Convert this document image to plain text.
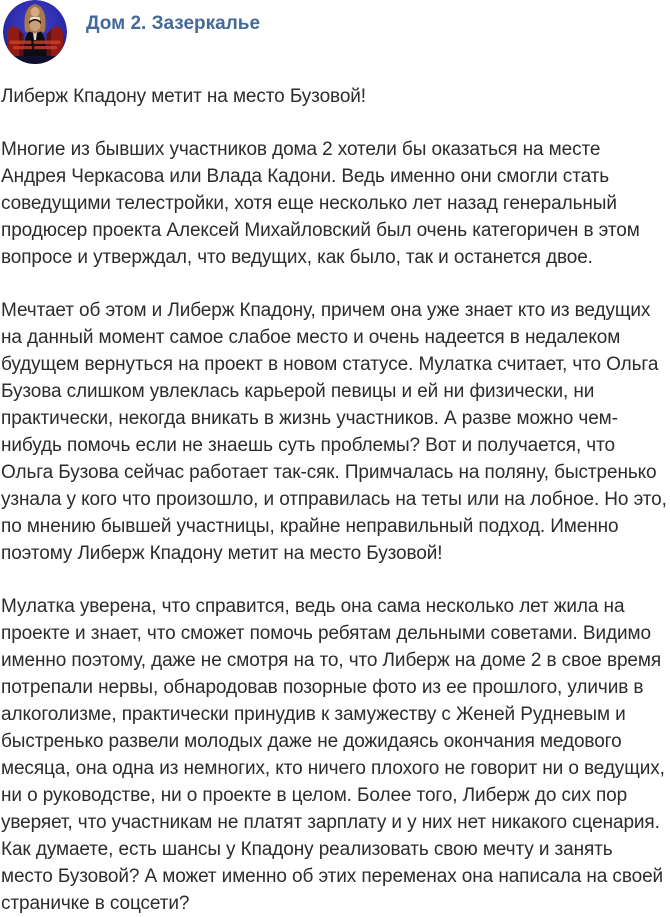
Дом 2. Зазеркалье

Либерж Кпадону метит на место Бузовой!

Многие из бывших участников дома 2 хотели бы оказаться на месте Андрея Черкасова или Влада Кадони. Ведь именно они смогли стать соведущими телестройки, хотя еще несколько лет назад генеральный продюсер проекта Алексей Михайловский был очень категоричен в этом вопросе и утверждал, что ведущих, как было, так и останется двое.

Мечтает об этом и Либерж Кпадону, причем она уже знает кто из ведущих на данный момент самое слабое место и очень надеется в недалеком будущем вернуться на проект в новом статусе. Мулатка считает, что Ольга Бузова слишком увлеклась карьерой певицы и ей ни физически, ни практически, некогда вникать в жизнь участников. А разве можно чем-нибудь помочь если не знаешь суть проблемы? Вот и получается, что Ольга Бузова сейчас работает так-сяк. Примчалась на поляну, быстренько узнала у кого что произошло, и отправилась на теты или на лобное. Но это, по мнению бывшей участницы, крайне неправильный подход. Именно поэтому Либерж Кпадону метит на место Бузовой!

Мулатка уверена, что справится, ведь она сама несколько лет жила на проекте и знает, что сможет помочь ребятам дельными советами. Видимо именно поэтому, даже не смотря на то, что Либерж на доме 2 в свое время потрепали нервы, обнародовав позорные фото из ее прошлого, уличив в алкоголизме, практически принудив к замужеству с Женей Рудневым и быстренько развели молодых даже не дожидаясь окончания медового месяца, она одна из немногих, кто ничего плохого не говорит ни о ведущих, ни о руководстве, ни о проекте в целом. Более того, Либерж до сих пор уверяет, что участникам не платят зарплату и у них нет никакого сценария. Как думаете, есть шансы у Кпадону реализовать свою мечту и занять место Бузовой? А может именно об этих переменах она написала на своей страничке в соцсети?
